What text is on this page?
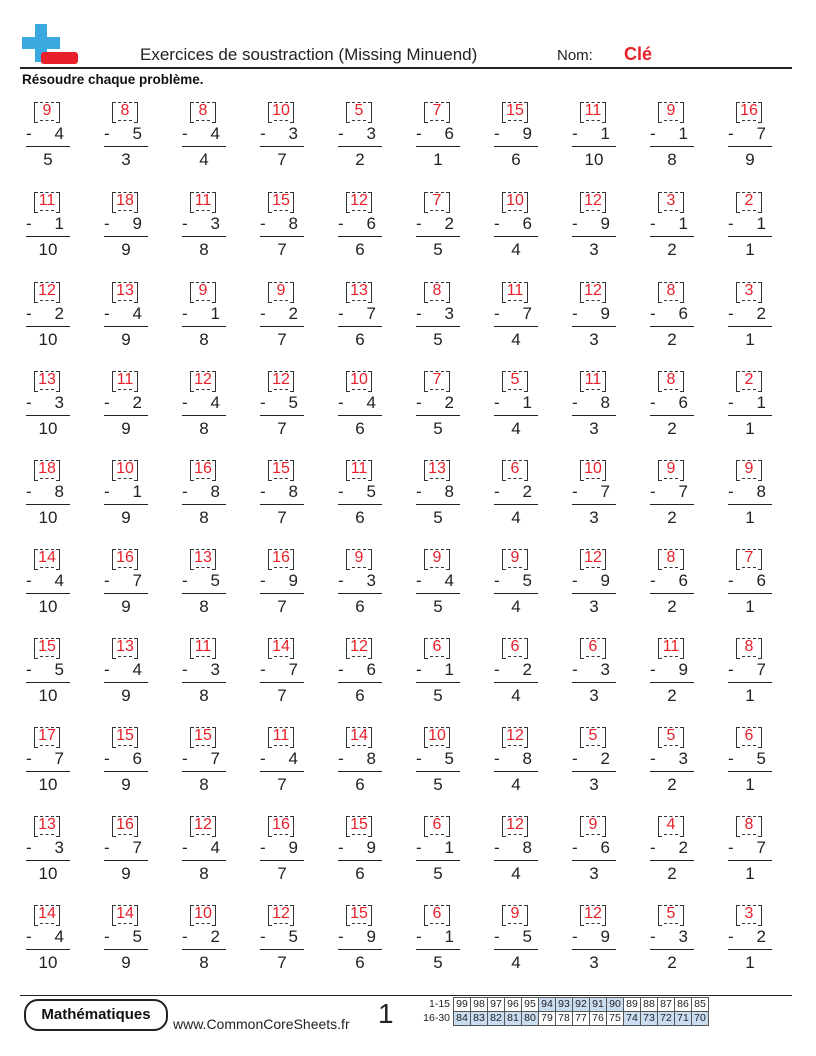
Exercices de soustraction (Missing Minuend)	Nom: Clé
Résoudre chaque problème.
9
- 4
5
8
- 5
3
8
- 4
4
10
- 3
7
5
- 3
2
7
- 6
1
15
- 9
6
11
- 1
10
9
- 1
8
16
- 7
9
11
- 1
10
18
- 9
9
11
- 3
8
15
- 8
7
12
- 6
6
7
- 2
5
10
- 6
4
12
- 9
3
3
- 1
2
2
- 1
1
12
- 2
10
13
- 4
9
9
- 1
8
9
- 2
7
13
- 7
6
8
- 3
5
11
- 7
4
12
- 9
3
8
- 6
2
3
- 2
1
13
- 3
10
11
- 2
9
12
- 4
8
12
- 5
7
10
- 4
6
7
- 2
5
5
- 1
4
11
- 8
3
8
- 6
2
2
- 1
1
18
- 8
10
10
- 1
9
16
- 8
8
15
- 8
7
11
- 5
6
13
- 8
5
6
- 2
4
10
- 7
3
9
- 7
2
9
- 8
1
14
- 4
10
16
- 7
9
13
- 5
8
16
- 9
7
9
- 3
6
9
- 4
5
9
- 5
4
12
- 9
3
8
- 6
2
7
- 6
1
15
- 5
10
13
- 4
9
11
- 3
8
14
- 7
7
12
- 6
6
6
- 1
5
6
- 2
4
6
- 3
3
11
- 9
2
8
- 7
1
17
- 7
10
15
- 6
9
15
- 7
8
11
- 4
7
14
- 8
6
10
- 5
5
12
- 8
4
5
- 2
3
5
- 3
2
6
- 5
1
13
- 3
10
16
- 7
9
12
- 4
8
16
- 9
7
15
- 9
6
6
- 1
5
12
- 8
4
9
- 6
3
4
- 2
2
8
- 7
1
14
- 4
10
14
- 5
9
10
- 2
8
12
- 5
7
15
- 9
6
6
- 1
5
9
- 5
4
12
- 9
3
5
- 3
2
3
- 2
1
Mathématiques
www.CommonCoreSheets.fr 1	1-15	99	98	97	96	95	94	93	92	91	90	89	88	87	86	85
16-30	84	83	82	81	80	79	78	77	76	75	74	73	72	71	70
